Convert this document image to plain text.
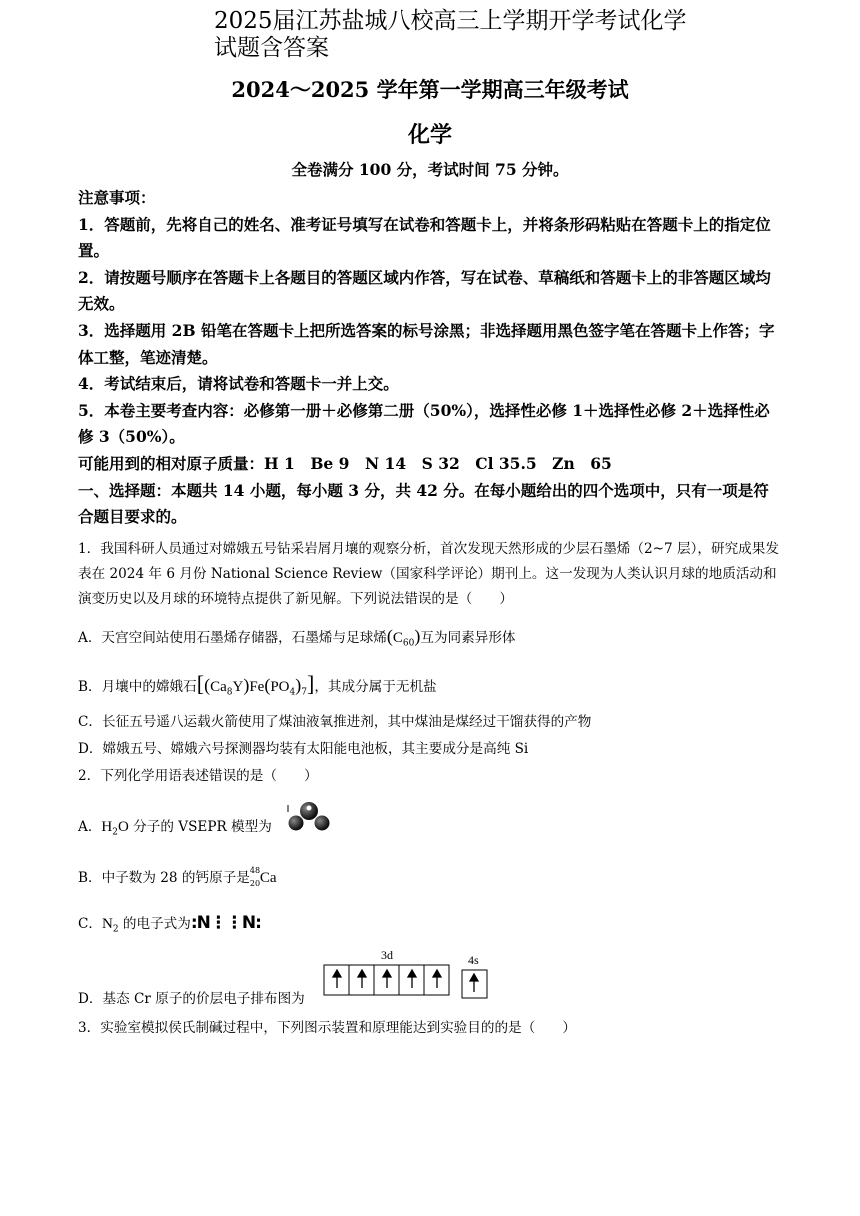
2025届江苏盐城八校高三上学期开学考试化学
试题含答案
2024～2025 学年第一学期高三年级考试
化学
全卷满分 100 分，考试时间 75 分钟。

注意事项：

1．答题前，先将自己的姓名、准考证号填写在试卷和答题卡上，并将条形码粘贴在答题卡上的指定位置。

2．请按题号顺序在答题卡上各题目的答题区域内作答，写在试卷、草稿纸和答题卡上的非答题区域均无效。

3．选择题用 2B 铅笔在答题卡上把所选答案的标号涂黑；非选择题用黑色签字笔在答题卡上作答；字体工整，笔迹清楚。

4．考试结束后，请将试卷和答题卡一并上交。

5．本卷主要考查内容：必修第一册＋必修第二册（50%），选择性必修 1＋选择性必修 2＋选择性必修 3（50%）。

可能用到的相对原子质量：H 1　Be 9　N 14　S 32　Cl 35.5　Zn　65

一、选择题：本题共 14 小题，每小题 3 分，共 42 分。在每小题给出的四个选项中，只有一项是符合题目要求的。

1．我国科研人员通过对嫦娥五号钻采岩屑月壤的观察分析，首次发现天然形成的少层石墨烯（2~7 层），研究成果发表在 2024 年 6 月份 National Science Review（国家科学评论）期刊上。这一发现为人类认识月球的地质活动和演变历史以及月球的环境特点提供了新见解。下列说法错误的是（　　）

A．天宫空间站使用石墨烯存储器，石墨烯与足球烯$(C_{60})$互为同素异形体
B．月壤中的嫦娥石$[(Ca_8Y)Fe(PO_4)_7]$，其成分属于无机盐
C．长征五号遥八运载火箭使用了煤油液氧推进剂，其中煤油是煤经过干馏获得的产物
D．嫦娥五号、嫦娥六号探测器均装有太阳能电池板，其主要成分是高纯 Si
2．下列化学用语表述错误的是（　　）
A．$H_2O$ 分子的 VSEPR 模型为
B．中子数为 28 的钙原子是 48
20 Ca
C．$N_2$ 的电子式为:N⋮⋮N:
D．基态 Cr 原子的价层电子排布图为
3d	4s
3．实验室模拟侯氏制碱过程中，下列图示装置和原理能达到实验目的的是（　　）
